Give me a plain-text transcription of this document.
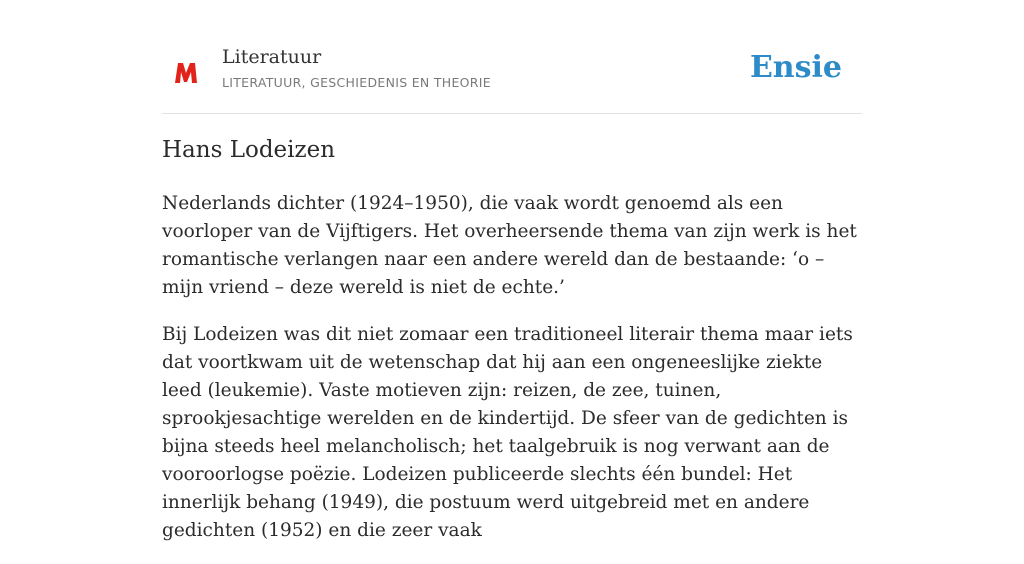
Literatuur
LITERATUUR, GESCHIEDENIS EN THEORIE	Ensie
Hans Lodeizen

Nederlands dichter (1924–1950), die vaak wordt genoemd als een voorloper van de Vijftigers. Het overheersende thema van zijn werk is het romantische verlangen naar een andere wereld dan de bestaande: ‘o – mijn vriend – deze wereld is niet de echte.’

Bij Lodeizen was dit niet zomaar een traditioneel literair thema maar iets dat voortkwam uit de wetenschap dat hij aan een ongeneeslijke ziekte leed (leukemie). Vaste motieven zijn: reizen, de zee, tuinen, sprookjesachtige werelden en de kindertijd. De sfeer van de gedichten is bijna steeds heel melancholisch; het taalgebruik is nog verwant aan de vooroorlogse poëzie. Lodeizen publiceerde slechts één bundel: Het innerlijk behang (1949), die postuum werd uitgebreid met en andere gedichten (1952) en die zeer vaak
